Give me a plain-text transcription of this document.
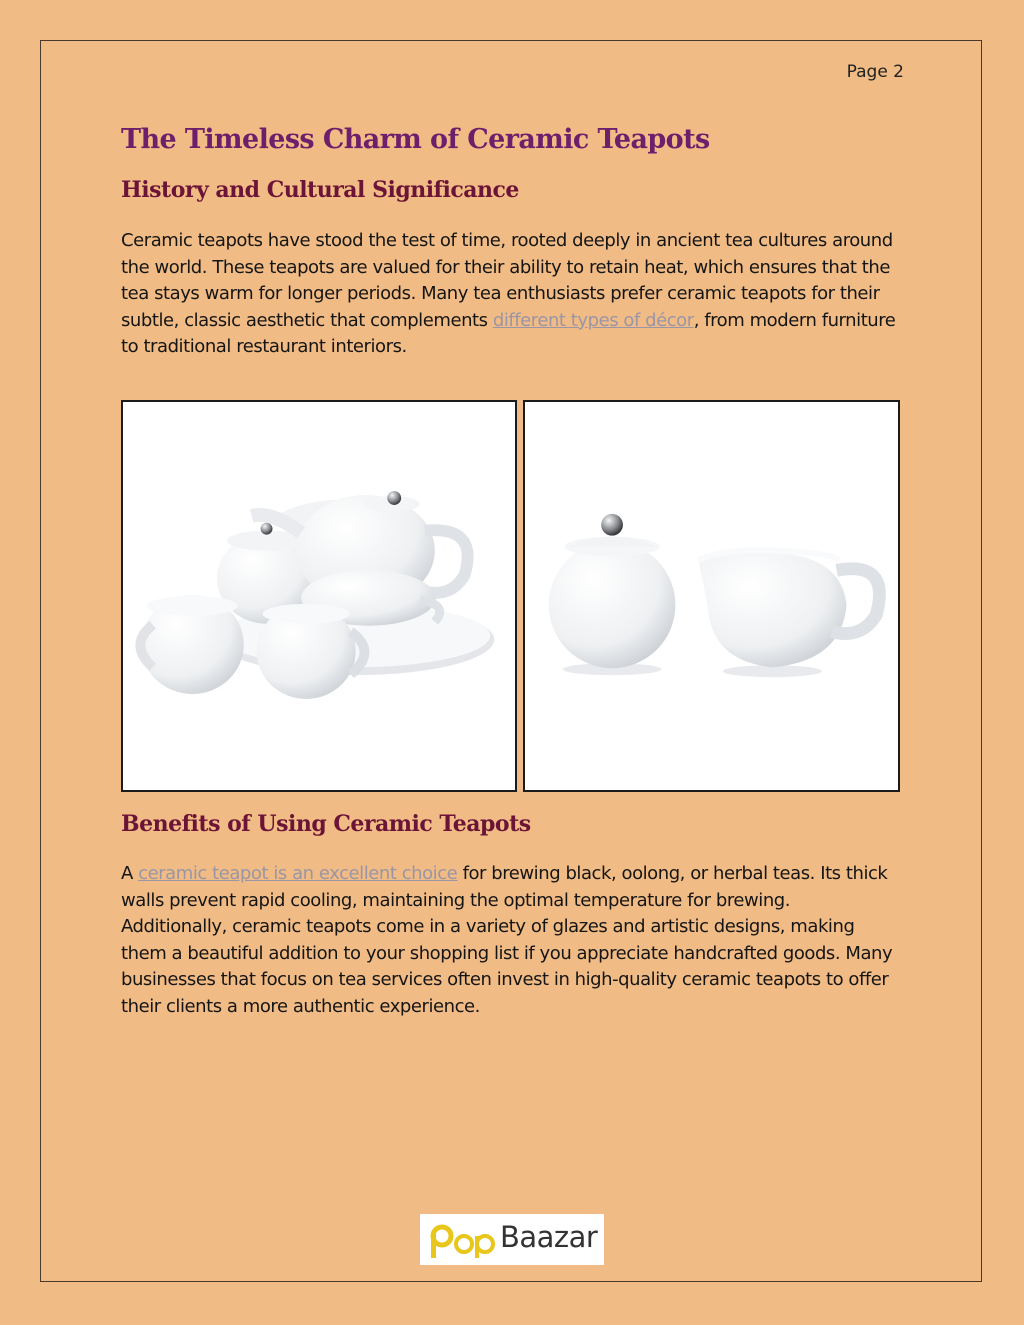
Page 2
The Timeless Charm of Ceramic Teapots
History and Cultural Significance

Ceramic teapots have stood the test of time, rooted deeply in ancient tea cultures around the world. These teapots are valued for their ability to retain heat, which ensures that the tea stays warm for longer periods. Many tea enthusiasts prefer ceramic teapots for their subtle, classic aesthetic that complements different types of décor, from modern furniture to traditional restaurant interiors.

Benefits of Using Ceramic Teapots

A ceramic teapot is an excellent choice for brewing black, oolong, or herbal teas. Its thick walls prevent rapid cooling, maintaining the optimal temperature for brewing. Additionally, ceramic teapots come in a variety of glazes and artistic designs, making them a beautiful addition to your shopping list if you appreciate handcrafted goods. Many businesses that focus on tea services often invest in high-quality ceramic teapots to offer their clients a more authentic experience.

Baazar
